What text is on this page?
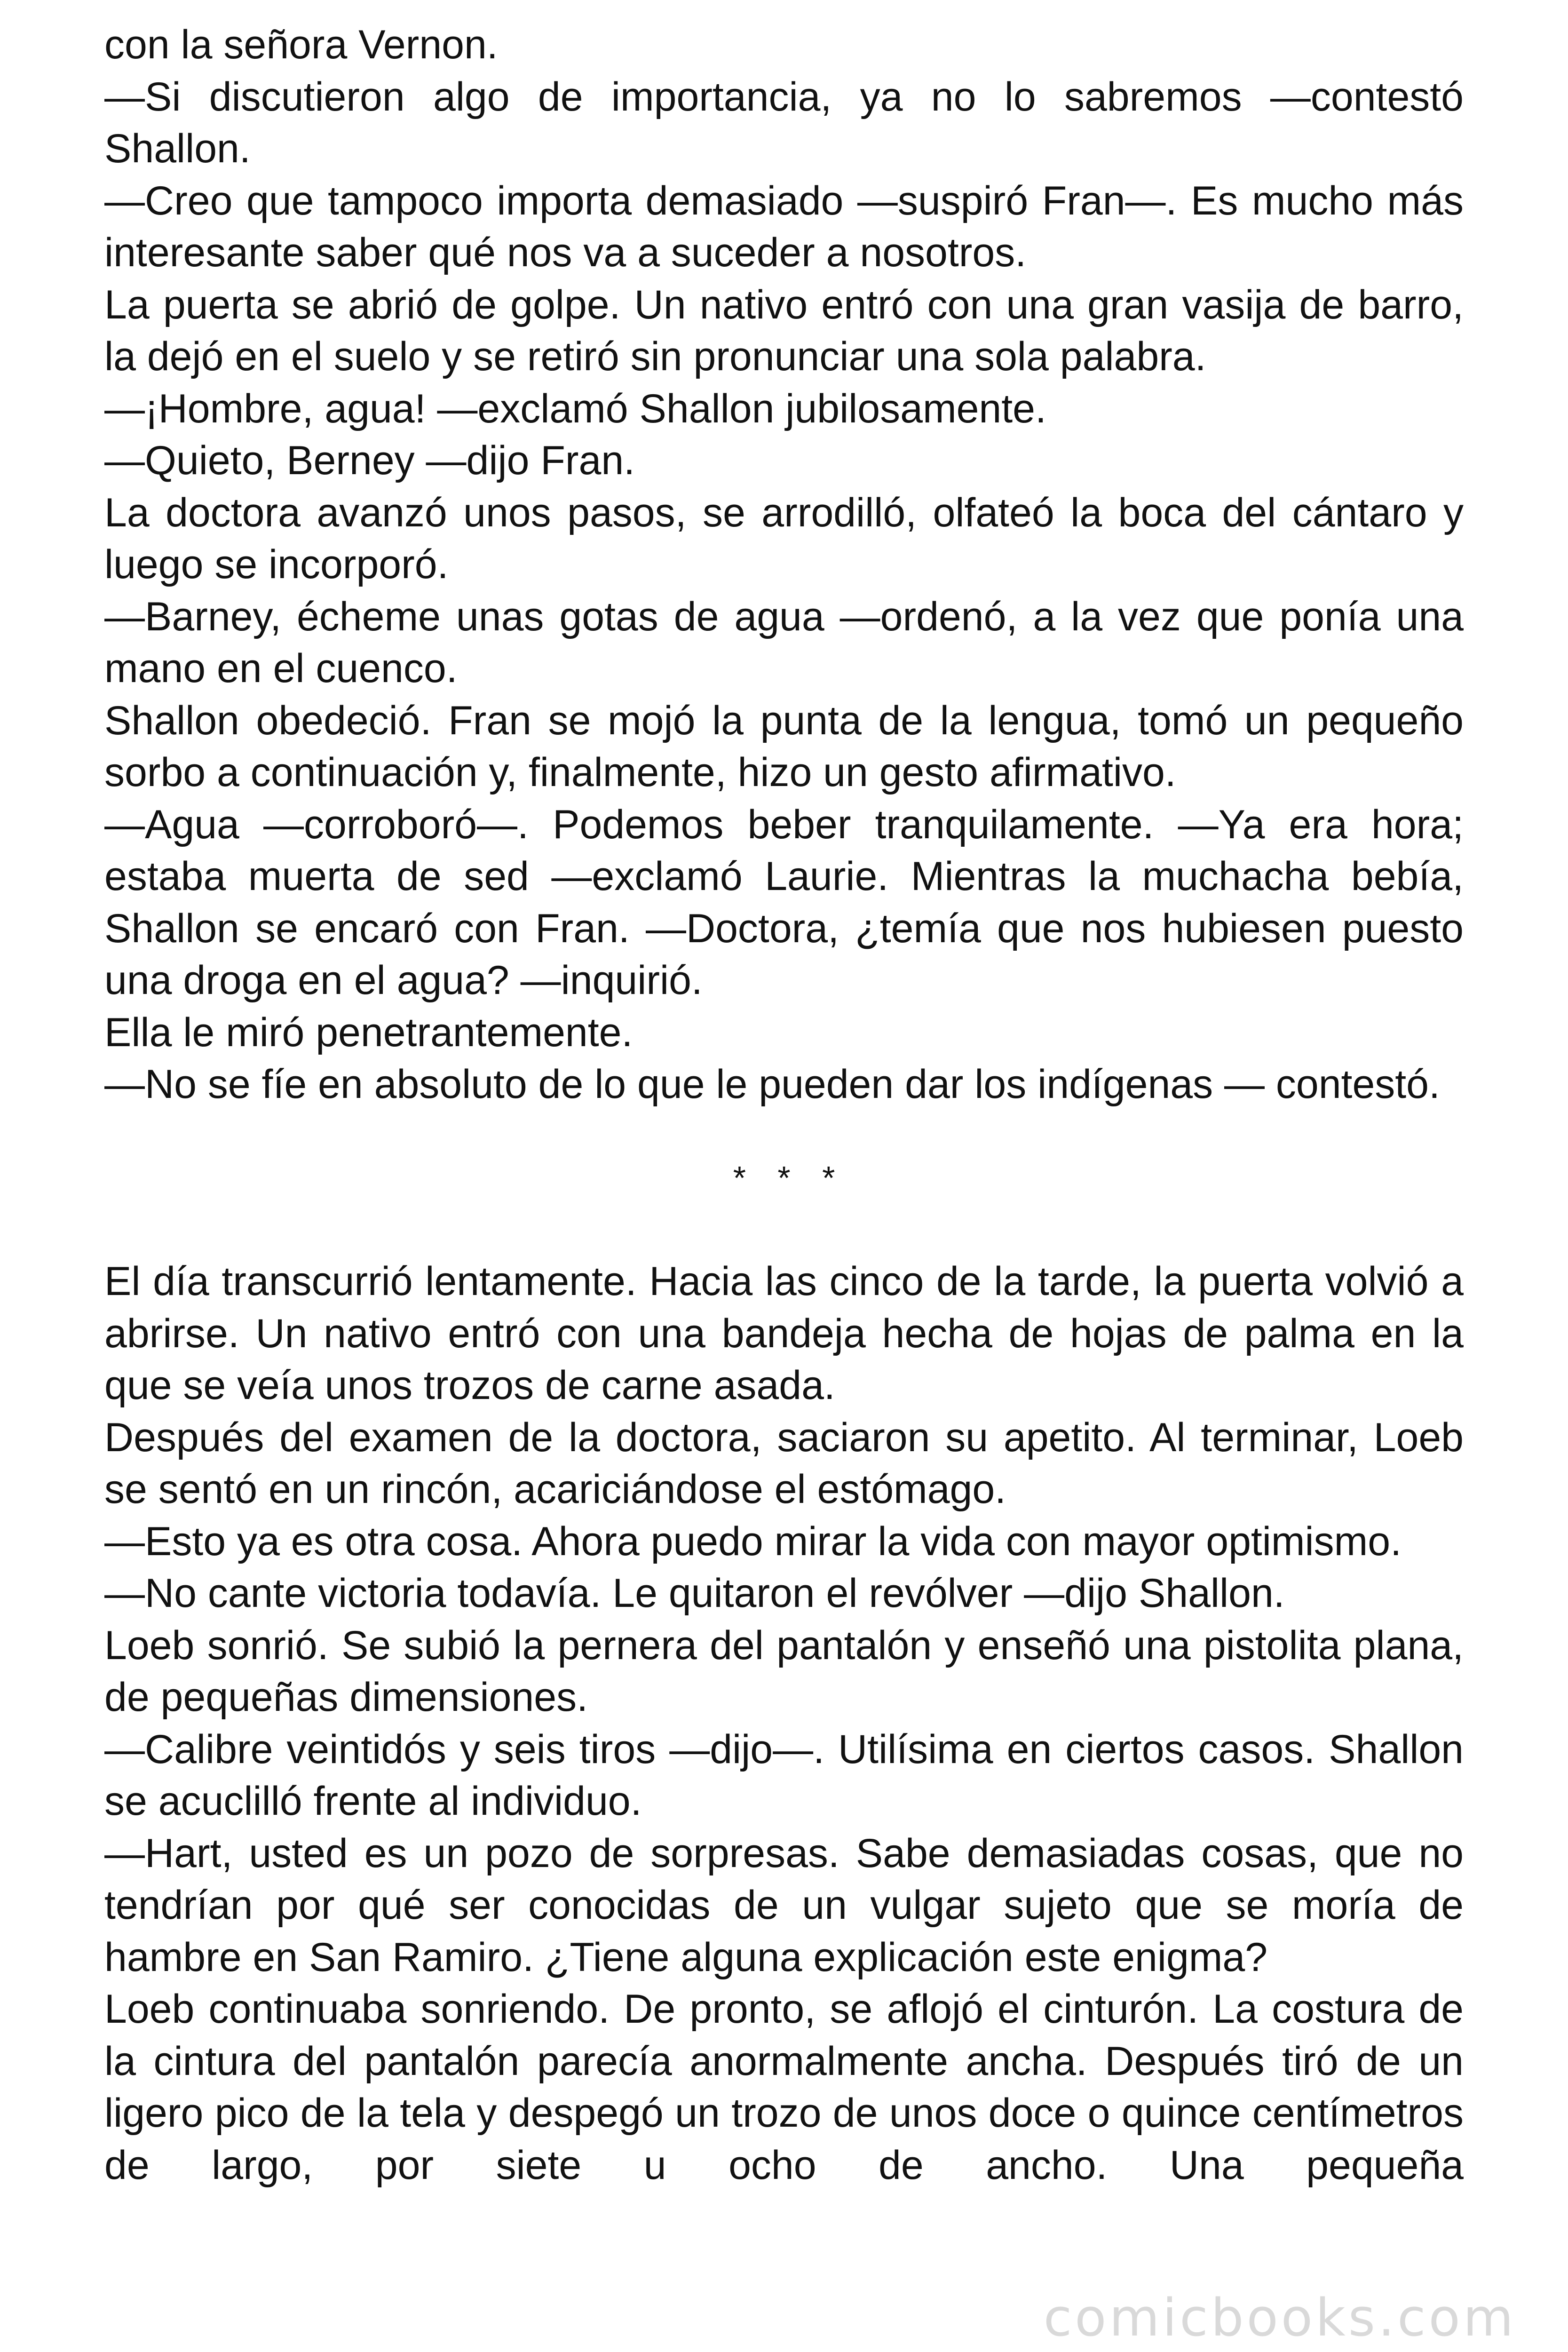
con la señora Vernon.

—Si discutieron algo de importancia, ya no lo sabremos —contestó Shallon.

—Creo que tampoco importa demasiado —suspiró Fran—. Es mucho más interesante saber qué nos va a suceder a nosotros.

La puerta se abrió de golpe. Un nativo entró con una gran vasija de barro, la dejó en el suelo y se retiró sin pronunciar una sola palabra.

—¡Hombre, agua! —exclamó Shallon jubilosamente.

—Quieto, Berney —dijo Fran.

La doctora avanzó unos pasos, se arrodilló, olfateó la boca del cántaro y luego se incorporó.

—Barney, écheme unas gotas de agua —ordenó, a la vez que ponía una mano en el cuenco.

Shallon obedeció. Fran se mojó la punta de la lengua, tomó un pequeño sorbo a continuación y, finalmente, hizo un gesto afirmativo.

—Agua —corroboró—. Podemos beber tranquilamente. —Ya era hora; estaba muerta de sed —exclamó Laurie. Mientras la muchacha bebía, Shallon se encaró con Fran. —Doctora, ¿temía que nos hubiesen puesto una droga en el agua? —inquirió.

Ella le miró penetrantemente.

—No se fíe en absoluto de lo que le pueden dar los indígenas — contestó.

* * *

El día transcurrió lentamente. Hacia las cinco de la tarde, la puerta volvió a abrirse. Un nativo entró con una bandeja hecha de hojas de palma en la que se veía unos trozos de carne asada.

Después del examen de la doctora, saciaron su apetito. Al terminar, Loeb se sentó en un rincón, acariciándose el estómago.

—Esto ya es otra cosa. Ahora puedo mirar la vida con mayor optimismo.

—No cante victoria todavía. Le quitaron el revólver —dijo Shallon.

Loeb sonrió. Se subió la pernera del pantalón y enseñó una pistolita plana, de pequeñas dimensiones.

—Calibre veintidós y seis tiros —dijo—. Utilísima en ciertos casos. Shallon se acuclilló frente al individuo.

—Hart, usted es un pozo de sorpresas. Sabe demasiadas cosas, que no tendrían por qué ser conocidas de un vulgar sujeto que se moría de hambre en San Ramiro. ¿Tiene alguna explicación este enigma?

Loeb continuaba sonriendo. De pronto, se aflojó el cinturón. La costura de la cintura del pantalón parecía anormalmente ancha. Después tiró de un ligero pico de la tela y despegó un trozo de unos doce o quince centímetros de largo, por siete u ocho de ancho. Una pequeña

comicbooks.com
